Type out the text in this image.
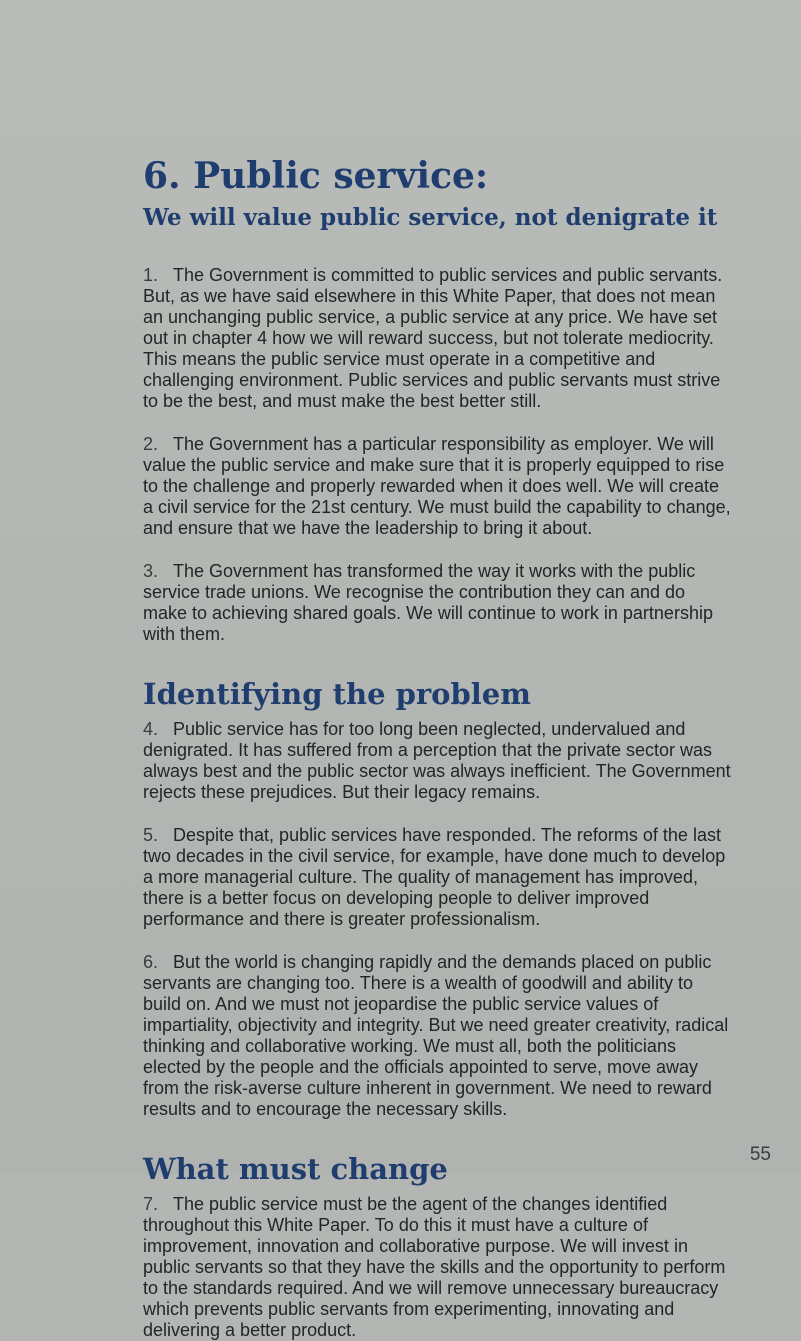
6. Public service:
We will value public service, not denigrate it

1. The Government is committed to public services and public servants. But, as we have said elsewhere in this White Paper, that does not mean an unchanging public service, a public service at any price. We have set out in chapter 4 how we will reward success, but not tolerate mediocrity. This means the public service must operate in a competitive and challenging environment. Public services and public servants must strive to be the best, and must make the best better still.

2. The Government has a particular responsibility as employer. We will value the public service and make sure that it is properly equipped to rise to the challenge and properly rewarded when it does well. We will create a civil service for the 21st century. We must build the capability to change, and ensure that we have the leadership to bring it about.

3. The Government has transformed the way it works with the public service trade unions. We recognise the contribution they can and do make to achieving shared goals. We will continue to work in partnership with them.

Identifying the problem

4. Public service has for too long been neglected, undervalued and denigrated. It has suffered from a perception that the private sector was always best and the public sector was always inefficient. The Government rejects these prejudices. But their legacy remains.

5. Despite that, public services have responded. The reforms of the last two decades in the civil service, for example, have done much to develop a more managerial culture. The quality of management has improved, there is a better focus on developing people to deliver improved performance and there is greater professionalism.

6. But the world is changing rapidly and the demands placed on public servants are changing too. There is a wealth of goodwill and ability to build on. And we must not jeopardise the public service values of impartiality, objectivity and integrity. But we need greater creativity, radical thinking and collaborative working. We must all, both the politicians elected by the people and the officials appointed to serve, move away from the risk-averse culture inherent in government. We need to reward results and to encourage the necessary skills.

What must change

7. The public service must be the agent of the changes identified throughout this White Paper. To do this it must have a culture of improvement, innovation and collaborative purpose. We will invest in public servants so that they have the skills and the opportunity to perform to the standards required. And we will remove unnecessary bureaucracy which prevents public servants from experimenting, innovating and delivering a better product.

55
